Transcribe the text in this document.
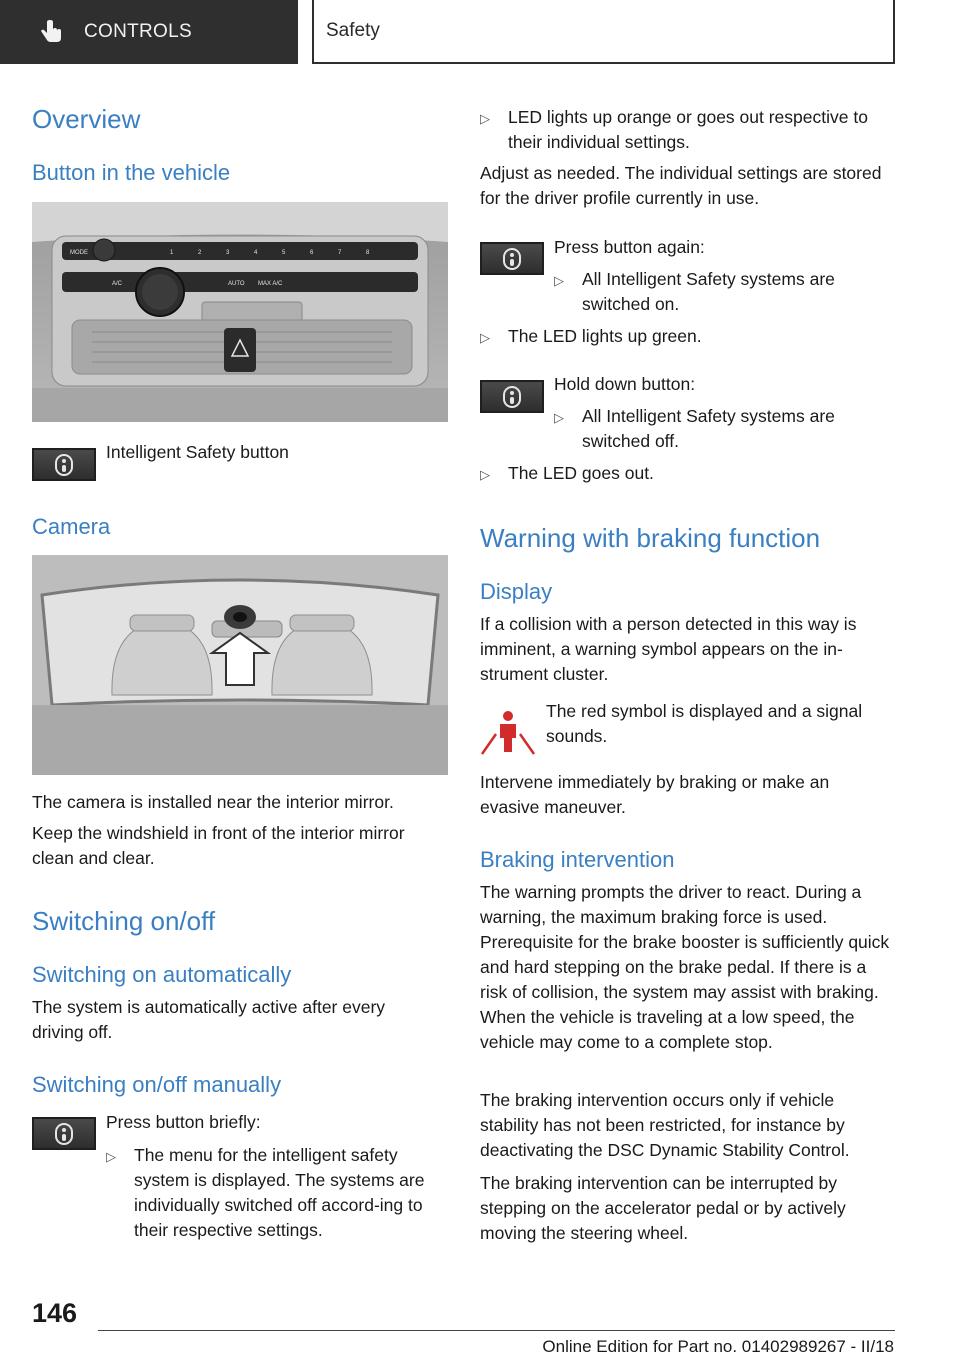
CONTROLS	Safety
Overview
Button in the vehicle
MODE	1	2	3	4	5	6	7	8
A/C	AUTO MAX A/C
Intelligent Safety button
Camera
The camera is installed near the interior mirror.
Keep the windshield in front of the interior mirror clean and clear.
Switching on/off
Switching on automatically
The system is automatically active after every driving off.
Switching on/off manually
Press button briefly:
▷	The menu for the intelligent safety system is displayed. The systems are individually switched off accord‐ing to their respective settings.
▷	LED lights up orange or goes out respective to their individual settings.
Adjust as needed. The individual settings are stored for the driver profile currently in use.
Press button again:
▷	All Intelligent Safety systems are switched on.
▷	The LED lights up green.
Hold down button:
▷	All Intelligent Safety systems are switched off.
▷	The LED goes out.
Warning with braking function
Display
If a collision with a person detected in this way is imminent, a warning symbol appears on the in‐strument cluster.
The red symbol is displayed and a signal sounds.
Intervene immediately by braking or make an evasive maneuver.
Braking intervention
The warning prompts the driver to react. During a warning, the maximum braking force is used. Prerequisite for the brake booster is sufficiently quick and hard stepping on the brake pedal. If there is a risk of collision, the system may assist with braking. When the vehicle is traveling at a low speed, the vehicle may come to a complete stop.
The braking intervention occurs only if vehicle stability has not been restricted, for instance by deactivating the DSC Dynamic Stability Control.
The braking intervention can be interrupted by stepping on the accelerator pedal or by actively moving the steering wheel.
146
Online Edition for Part no. 01402989267 - II/18
